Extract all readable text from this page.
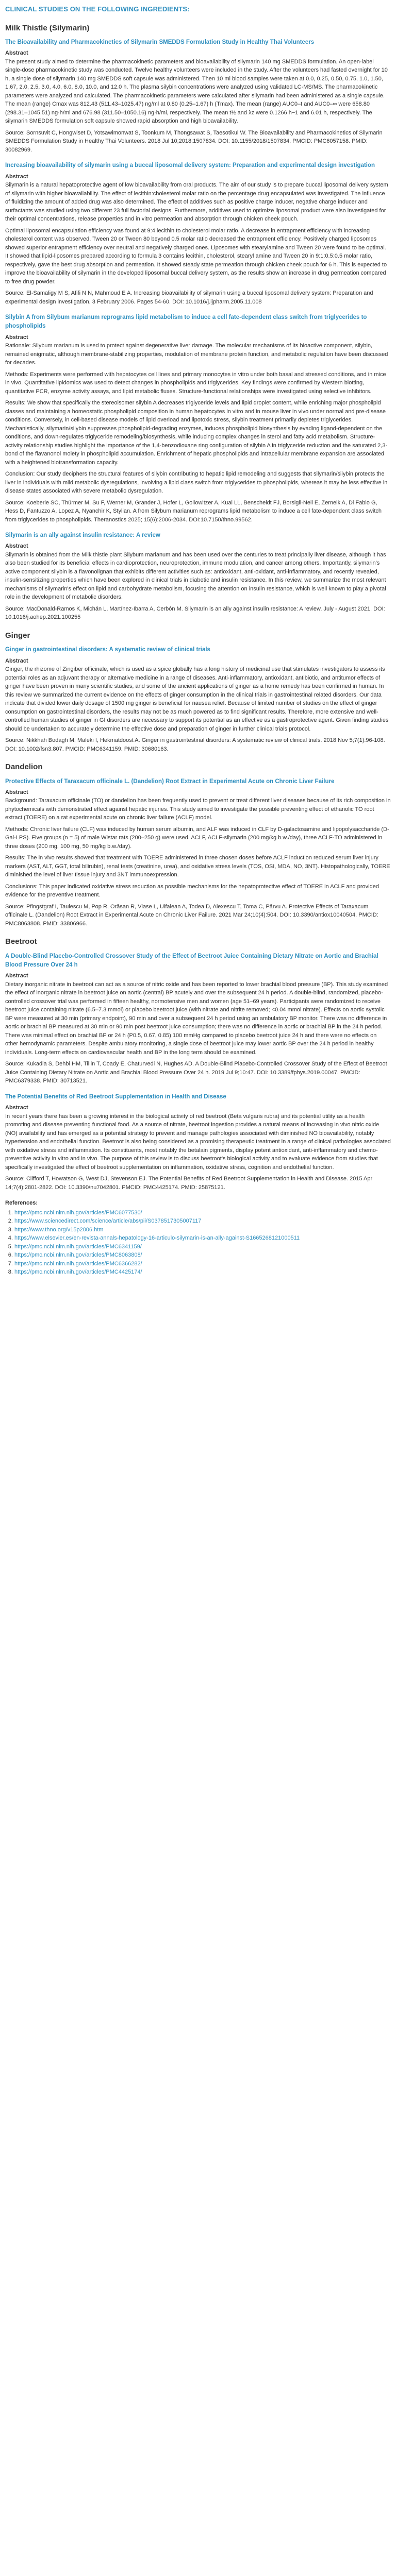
CLINICAL STUDIES ON THE FOLLOWING INGREDIENTS:
Milk Thistle (Silymarin)
The Bioavailability and Pharmacokinetics of Silymarin SMEDDS Formulation Study in Healthy Thai Volunteers
Abstract

The present study aimed to determine the pharmacokinetic parameters and bioavailability of silymarin 140 mg SMEDDS formulation. An open-label single-dose pharmacokinetic study was conducted. Twelve healthy volunteers were included in the study. After the volunteers had fasted overnight for 10 h, a single dose of silymarin 140 mg SMEDDS soft capsule was administered. Then 10 ml blood samples were taken at 0.0, 0.25, 0.50, 0.75, 1.0, 1.50, 1.67, 2.0, 2.5, 3.0, 4.0, 6.0, 8.0, 10.0, and 12.0 h. The plasma silybin concentrations were analyzed using validated LC-MS/MS. The pharmacokinetic parameters were analyzed and calculated. The pharmacokinetic parameters were calculated after silymarin had been administered as a single capsule. The mean (range) Cmax was 812.43 (511.43–1025.47) ng/ml at 0.80 (0.25–1.67) h (Tmax). The mean (range) AUC0–t and AUC0–∞ were 658.80 (298.31–1045.51) ng·h/ml and 676.98 (311.50–1050.16) ng·h/ml, respectively. The mean t½ and λz were 0.1266 h−1 and 6.01 h, respectively. The silymarin SMEDDS formulation soft capsule showed rapid absorption and high bioavailability.

Source: Sornsuvit C, Hongwiset D, Yotsawimonwat S, Toonkum M, Thongsawat S, Taesotikul W. The Bioavailability and Pharmacokinetics of Silymarin SMEDDS Formulation Study in Healthy Thai Volunteers. 2018 Jul 10;2018:1507834. DOI: 10.1155/2018/1507834. PMCID: PMC6057158. PMID: 30082969.

Increasing bioavailability of silymarin using a buccal liposomal delivery system: Preparation and experimental design investigation
Abstract

Silymarin is a natural hepatoprotective agent of low bioavailability from oral products. The aim of our study is to prepare buccal liposomal delivery system of silymarin with higher bioavailability. The effect of lecithin:cholesterol molar ratio on the percentage drug encapsulated was investigated. The influence of fluidizing the amount of added drug was also determined. The effect of additives such as positive charge inducer, negative charge inducer and surfactants was studied using two different 23 full factorial designs. Furthermore, additives used to optimize liposomal product were also investigated for their optimal concentrations, release properties and in vitro permeation and absorption through chicken cheek pouch.

Optimal liposomal encapsulation efficiency was found at 9:4 lecithin to cholesterol molar ratio. A decrease in entrapment efficiency with increasing cholesterol content was observed. Tween 20 or Tween 80 beyond 0.5 molar ratio decreased the entrapment efficiency. Positively charged liposomes showed superior entrapment efficiency over neutral and negatively charged ones. Liposomes with stearylamine and Tween 20 were found to be optimal. It showed that lipid-liposomes prepared according to formula 3 contains lecithin, cholesterol, stearyl amine and Tween 20 in 9:1:0.5:0.5 molar ratio, respectively, gave the best drug absorption and permeation. It showed steady state permeation through chicken cheek pouch for 6 h. This is expected to improve the bioavailability of silymarin in the developed liposomal buccal delivery system, as the results show an increase in drug permeation compared to free drug powder.

Source: El-Samaligy M S, Afifi N N, Mahmoud E A. Increasing bioavailability of silymarin using a buccal liposomal delivery system: Preparation and experimental design investigation. 3 February 2006. Pages 54-60. DOI: 10.1016/j.ijpharm.2005.11.008

Silybin A from Silybum marianum reprograms lipid metabolism to induce a cell fate-dependent class switch from triglycerides to phospholipids
Abstract

Rationale: Silybum marianum is used to protect against degenerative liver damage. The molecular mechanisms of its bioactive component, silybin, remained enigmatic, although membrane-stabilizing properties, modulation of membrane protein function, and metabolic regulation have been discussed for decades.

Methods: Experiments were performed with hepatocytes cell lines and primary monocytes in vitro under both basal and stressed conditions, and in mice in vivo. Quantitative lipidomics was used to detect changes in phospholipids and triglycerides. Key findings were confirmed by Western blotting, quantitative PCR, enzyme activity assays, and lipid metabolic fluxes. Structure-functional relationships were investigated using selective inhibitors.

Results: We show that specifically the stereoisomer silybin A decreases triglyceride levels and lipid droplet content, while enriching major phospholipid classes and maintaining a homeostatic phospholipid composition in human hepatocytes in vitro and in mouse liver in vivo under normal and pre-disease conditions. Conversely, in cell-based disease models of lipid overload and lipotoxic stress, silybin treatment primarily depletes triglycerides. Mechanistically, silymarin/silybin suppresses phospholipid-degrading enzymes, induces phospholipid biosynthesis by evading ligand-dependent on the conditions, and down-regulates triglyceride remodeling/biosynthesis, while inducing complex changes in sterol and fatty acid metabolism. Structure-activity relationship studies highlight the importance of the 1,4-benzodioxane ring configuration of silybin A in triglyceride reduction and the saturated 2,3-bond of the flavanonol moiety in phospholipid accumulation. Enrichment of hepatic phospholipids and intracellular membrane expansion are associated with a heightened biotransformation capacity.

Conclusion: Our study deciphers the structural features of silybin contributing to hepatic lipid remodeling and suggests that silymarin/silybin protects the liver in individuals with mild metabolic dysregulations, involving a lipid class switch from triglycerides to phospholipids, whereas it may be less effective in disease states associated with severe metabolic dysregulation.

Source: Koeberle SC, Thürmer M, Su F, Werner M, Grander J, Hofer L, Gollowitzer A, Kuai LL, Benscheidt FJ, Borsigli-Neil E, Zerneik A, Di Fabio G, Hess D, Fantuzzo A, Lopez A, Nyanchir K, Stylian. A from Silybum marianum reprograms lipid metabolism to induce a cell fate-dependent class switch from triglycerides to phospholipids. Theranostics 2025; 15(6):2006-2034. DOI:10.7150/thno.99562.

Silymarin is an ally against insulin resistance: A review
Abstract

Silymarin is obtained from the Milk thistle plant Silybum marianum and has been used over the centuries to treat principally liver disease, although it has also been studied for its beneficial effects in cardioprotection, neuroprotection, immune modulation, and cancer among others. Importantly, silymarin's active component silybin is a flavonolignan that exhibits different activities such as: antioxidant, anti-oxidant, anti-inflammatory, and recently revealed, insulin-sensitizing properties which have been explored in clinical trials in diabetic and insulin resistance. In this review, we summarize the most relevant mechanisms of silymarin's effect on lipid and carbohydrate metabolism, focusing the attention on insulin resistance, which is well known to play a pivotal role in the development of metabolic disorders.

Source: MacDonald-Ramos K, Michán L, Martínez-Ibarra A, Cerbón M. Silymarin is an ally against insulin resistance: A review. July - August 2021. DOI: 10.1016/j.aohep.2021.100255

Ginger
Ginger in gastrointestinal disorders: A systematic review of clinical trials
Abstract

Ginger, the rhizome of Zingiber officinale, which is used as a spice globally has a long history of medicinal use that stimulates investigators to assess its potential roles as an adjuvant therapy or alternative medicine in a range of diseases. Anti-inflammatory, antioxidant, antibiotic, and antitumor effects of ginger have been proven in many scientific studies, and some of the ancient applications of ginger as a home remedy has been confirmed in human. In this review we summarized the current evidence on the effects of ginger consumption in the clinical trials in gastrointestinal related disorders. Our data indicate that divided lower daily dosage of 1500 mg ginger is beneficial for nausea relief. Because of limited number of studies on the effect of ginger consumption on gastrointestinal disorders, the results may not be as much powered as to find significant results. Therefore, more extensive and well-controlled human studies of ginger in GI disorders are necessary to support its potential as an effective as a gastroprotective agent. Given finding studies should be undertaken to accurately determine the effective dose and preparation of ginger in further clinical trials protocol.

Source: Nikkhah Bodagh M, Maleki I, Hekmatdoost A. Ginger in gastrointestinal disorders: A systematic review of clinical trials. 2018 Nov 5;7(1):96-108. DOI: 10.1002/fsn3.807. PMCID: PMC6341159. PMID: 30680163.

Dandelion
Protective Effects of Taraxacum officinale L. (Dandelion) Root Extract in Experimental Acute on Chronic Liver Failure
Abstract

Background: Taraxacum officinale (TO) or dandelion has been frequently used to prevent or treat different liver diseases because of its rich composition in phytochemicals with demonstrated effect against hepatic injuries. This study aimed to investigate the possible preventing effect of ethanolic TO root extract (TOERE) on a rat experimental acute on chronic liver failure (ACLF) model.

Methods: Chronic liver failure (CLF) was induced by human serum albumin, and ALF was induced in CLF by D-galactosamine and lipopolysaccharide (D-Gal-LPS). Five groups (n = 5) of male Wistar rats (200–250 g) were used. ACLF, ACLF-silymarin (200 mg/kg b.w./day), three ACLF-TO administered in three doses (200 mg, 100 mg, 50 mg/kg b.w./day).

Results: The in vivo results showed that treatment with TOERE administered in three chosen doses before ACLF induction reduced serum liver injury markers (AST, ALT, GGT, total bilirubin), renal tests (creatinine, urea), and oxidative stress levels (TOS, OSI, MDA, NO, 3NT). Histopathologically, TOERE diminished the level of liver tissue injury and 3NT immunoexpression.

Conclusions: This paper indicated oxidative stress reduction as possible mechanisms for the hepatoprotective effect of TOERE in ACLF and provided evidence for the preventive treatment.

Source: Pfingstgraf I, Taulescu M, Pop R, Orăsan R, Vlase L, Uifalean A, Todea D, Alexescu T, Toma C, Pârvu A. Protective Effects of Taraxacum officinale L. (Dandelion) Root Extract in Experimental Acute on Chronic Liver Failure. 2021 Mar 24;10(4):504. DOI: 10.3390/antiox10040504. PMCID: PMC8063808. PMID: 33806966.

Beetroot
A Double-Blind Placebo-Controlled Crossover Study of the Effect of Beetroot Juice Containing Dietary Nitrate on Aortic and Brachial Blood Pressure Over 24 h
Abstract

Dietary inorganic nitrate in beetroot can act as a source of nitric oxide and has been reported to lower brachial blood pressure (BP). This study examined the effect of inorganic nitrate in beetroot juice on aortic (central) BP acutely and over the subsequent 24 h period. A double-blind, randomized, placebo-controlled crossover trial was performed in fifteen healthy, normotensive men and women (age 51–69 years). Participants were randomized to receive beetroot juice containing nitrate (6.5–7.3 mmol) or placebo beetroot juice (with nitrate and nitrite removed; <0.04 mmol nitrate). Effects on aortic systolic BP were measured at 30 min (primary endpoint), 90 min and over a subsequent 24 h period using an ambulatory BP monitor. There was no difference in aortic or brachial BP measured at 30 min or 90 min post beetroot juice consumption; there was no difference in aortic or brachial BP in the 24 h period. There was minimal effect on brachial BP or 24 h (P0.5, 0.67, 0.85) 100 mmHg compared to placebo beetroot juice 24 h and there were no effects on other hemodynamic parameters. Despite ambulatory monitoring, a single dose of beetroot juice may lower aortic BP over the 24 h period in healthy individuals. Long-term effects on cardiovascular health and BP in the long term should be examined.

Source: Kukadia S, Dehbi HM, Tillin T, Coady E, Chaturvedi N, Hughes AD. A Double-Blind Placebo-Controlled Crossover Study of the Effect of Beetroot Juice Containing Dietary Nitrate on Aortic and Brachial Blood Pressure Over 24 h. 2019 Jul 9;10:47. DOI: 10.3389/fphys.2019.00047. PMCID: PMC6379338. PMID: 30713521.

The Potential Benefits of Red Beetroot Supplementation in Health and Disease
Abstract

In recent years there has been a growing interest in the biological activity of red beetroot (Beta vulgaris rubra) and its potential utility as a health promoting and disease preventing functional food. As a source of nitrate, beetroot ingestion provides a natural means of increasing in vivo nitric oxide (NO) availability and has emerged as a potential strategy to prevent and manage pathologies associated with diminished NO bioavailability, notably hypertension and endothelial function. Beetroot is also being considered as a promising therapeutic treatment in a range of clinical pathologies associated with oxidative stress and inflammation. Its constituents, most notably the betalain pigments, display potent antioxidant, anti-inflammatory and chemo-preventive activity in vitro and in vivo. The purpose of this review is to discuss beetroot's biological activity and to evaluate evidence from studies that specifically investigated the effect of beetroot supplementation on inflammation, oxidative stress, cognition and endothelial function.

Source: Clifford T, Howatson G, West DJ, Stevenson EJ. The Potential Benefits of Red Beetroot Supplementation in Health and Disease. 2015 Apr 14;7(4):2801-2822. DOI: 10.3390/nu7042801. PMCID: PMC4425174. PMID: 25875121.

References:
1. https://pmc.ncbi.nlm.nih.gov/articles/PMC6077530/
2. https://www.sciencedirect.com/science/article/abs/pii/S0378517305007117
3. https://www.thno.org/v15p2006.htm
4. https://www.elsevier.es/en-revista-annals-hepatology-16-articulo-silymarin-is-an-ally-against-S1665268121000511
5. https://pmc.ncbi.nlm.nih.gov/articles/PMC6341159/
6. https://pmc.ncbi.nlm.nih.gov/articles/PMC8063808/
7. https://pmc.ncbi.nlm.nih.gov/articles/PMC6366282/
8. https://pmc.ncbi.nlm.nih.gov/articles/PMC4425174/
